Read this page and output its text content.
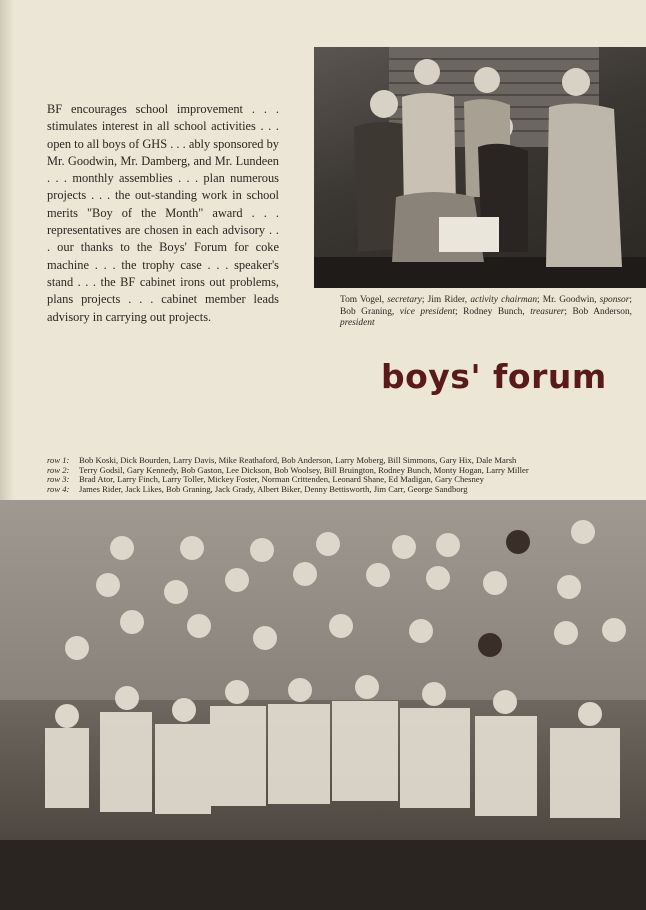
BF encourages school improvement . . . stimulates interest in all school activities . . . open to all boys of GHS . . . ably sponsored by Mr. Goodwin, Mr. Damberg, and Mr. Lundeen . . . monthly assemblies . . . plan numerous projects . . . the out-standing work in school merits "Boy of the Month" award . . . representatives are chosen in each advisory . . . our thanks to the Boys' Forum for coke machine . . . the trophy case . . . speaker's stand . . . the BF cabinet irons out problems, plans projects . . . cabinet member leads advisory in carrying out projects.

Tom Vogel, secretary; Jim Rider, activity chairman; Mr. Goodwin, sponsor; Bob Graning, vice president; Rodney Bunch, treasurer; Bob Anderson, president

boys' forum
row 1: Bob Koski, Dick Bourden, Larry Davis, Mike Reathaford, Bob Anderson, Larry Moberg, Bill Simmons, Gary Hix, Dale Marsh
row 2: Terry Godsil, Gary Kennedy, Bob Gaston, Lee Dickson, Bob Woolsey, Bill Bruington, Rodney Bunch, Monty Hogan, Larry Miller
row 3: Brad Ator, Larry Finch, Larry Toller, Mickey Foster, Norman Crittenden, Leonard Shane, Ed Madigan, Gary Chesney
row 4: James Rider, Jack Likes, Bob Graning, Jack Grady, Albert Biker, Denny Bettisworth, Jim Carr, George Sandborg
